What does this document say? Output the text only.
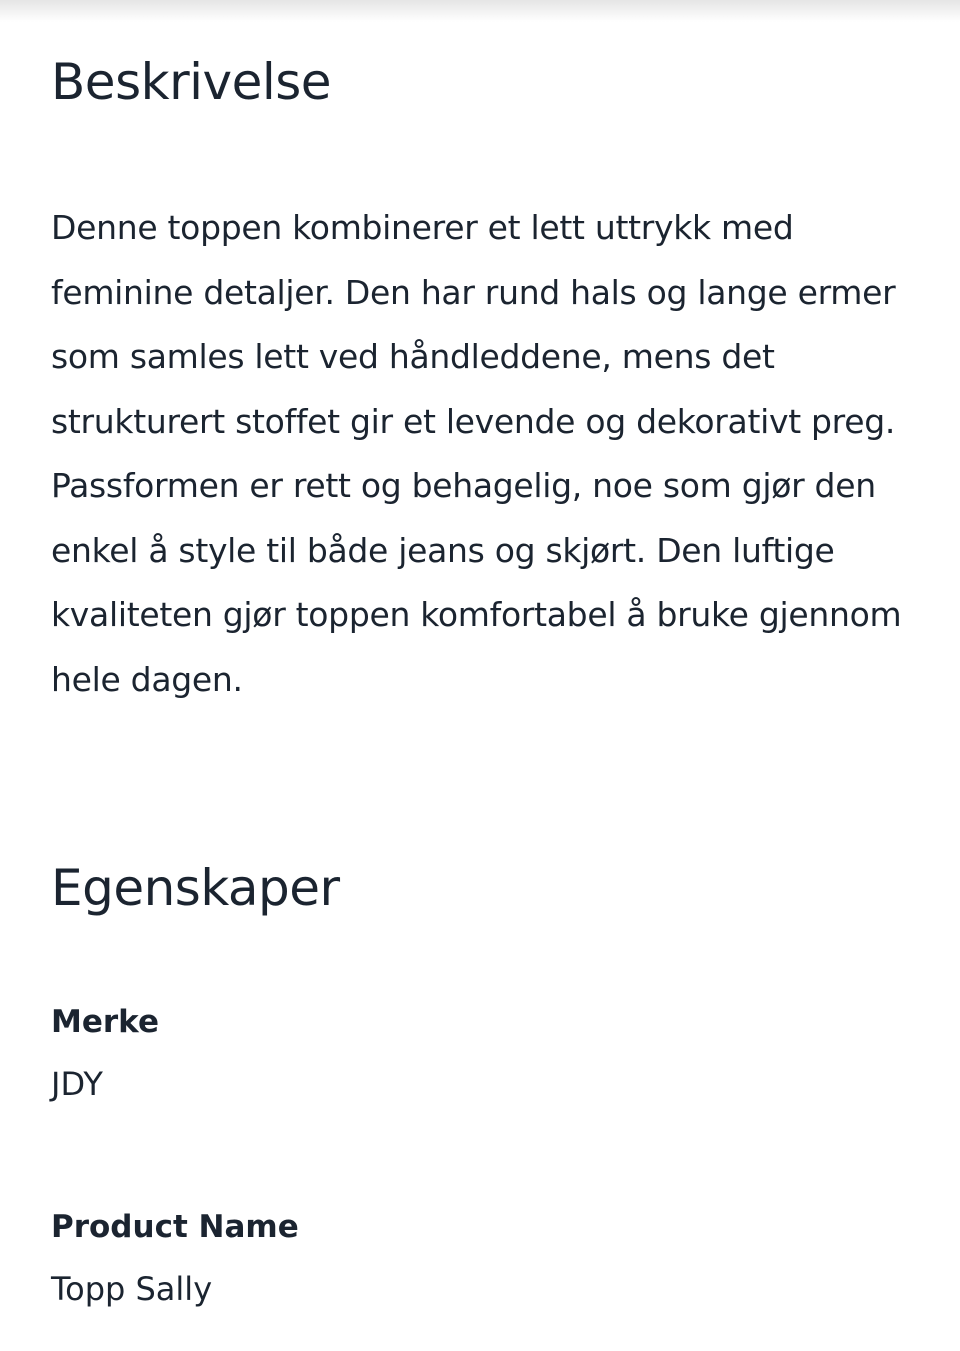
Beskrivelse

Denne toppen kombinerer et lett uttrykk med feminine detaljer. Den har rund hals og lange ermer som samles lett ved håndleddene, mens det strukturert stoffet gir et levende og dekorativt preg. Passformen er rett og behagelig, noe som gjør den enkel å style til både jeans og skjørt. Den luftige kvaliteten gjør toppen komfortabel å bruke gjennom hele dagen.

Egenskaper

Merke

JDY

Product Name

Topp Sally
